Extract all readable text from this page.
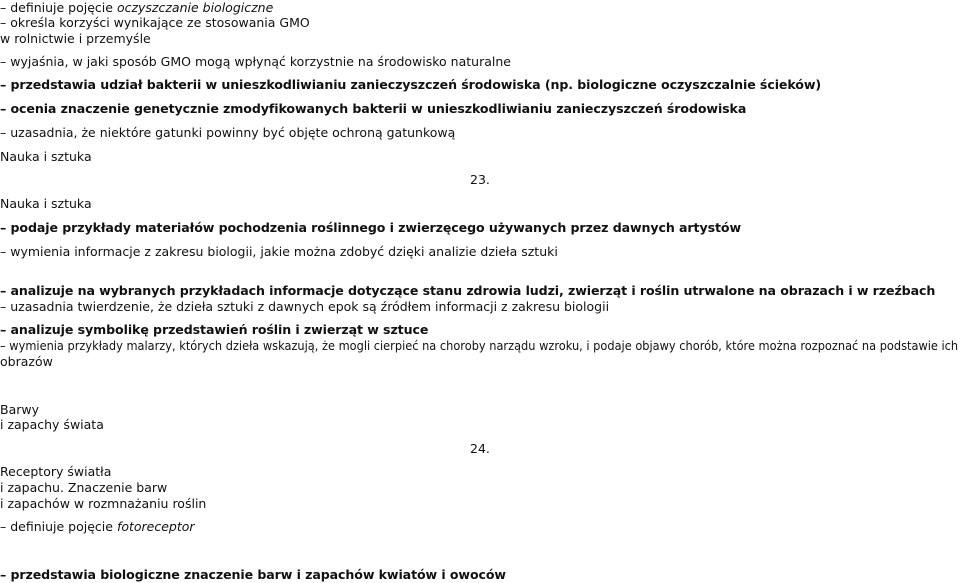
– definiuje pojęcie oczyszczanie biologiczne
– określa korzyści wynikające ze stosowania GMO
w rolnictwie i przemyśle
– wyjaśnia, w jaki sposób GMO mogą wpłynąć korzystnie na środowisko naturalne
– przedstawia udział bakterii w unieszkodliwianiu zanieczyszczeń środowiska (np. biologiczne oczyszczalnie ścieków)
– ocenia znaczenie genetycznie zmodyfikowanych bakterii w unieszkodliwianiu zanieczyszczeń środowiska
– uzasadnia, że niektóre gatunki powinny być objęte ochroną gatunkową
Nauka i sztuka
23.
Nauka i sztuka
– podaje przykłady materiałów pochodzenia roślinnego i zwierzęcego używanych przez dawnych artystów
– wymienia informacje z zakresu biologii, jakie można zdobyć dzięki analizie dzieła sztuki
– analizuje na wybranych przykładach informacje dotyczące stanu zdrowia ludzi, zwierząt i roślin utrwalone na obrazach i w rzeźbach
– uzasadnia twierdzenie, że dzieła sztuki z dawnych epok są źródłem informacji z zakresu biologii
– analizuje symbolikę przedstawień roślin i zwierząt w sztuce
– wymienia przykłady malarzy, których dzieła wskazują, że mogli cierpieć na choroby narządu wzroku, i podaje objawy chorób, które można rozpoznać na podstawie ich
obrazów
Barwy
i zapachy świata
24.
Receptory światła
i zapachu. Znaczenie barw
i zapachów w rozmnażaniu roślin
– definiuje pojęcie fotoreceptor
– przedstawia biologiczne znaczenie barw i zapachów kwiatów i owoców
